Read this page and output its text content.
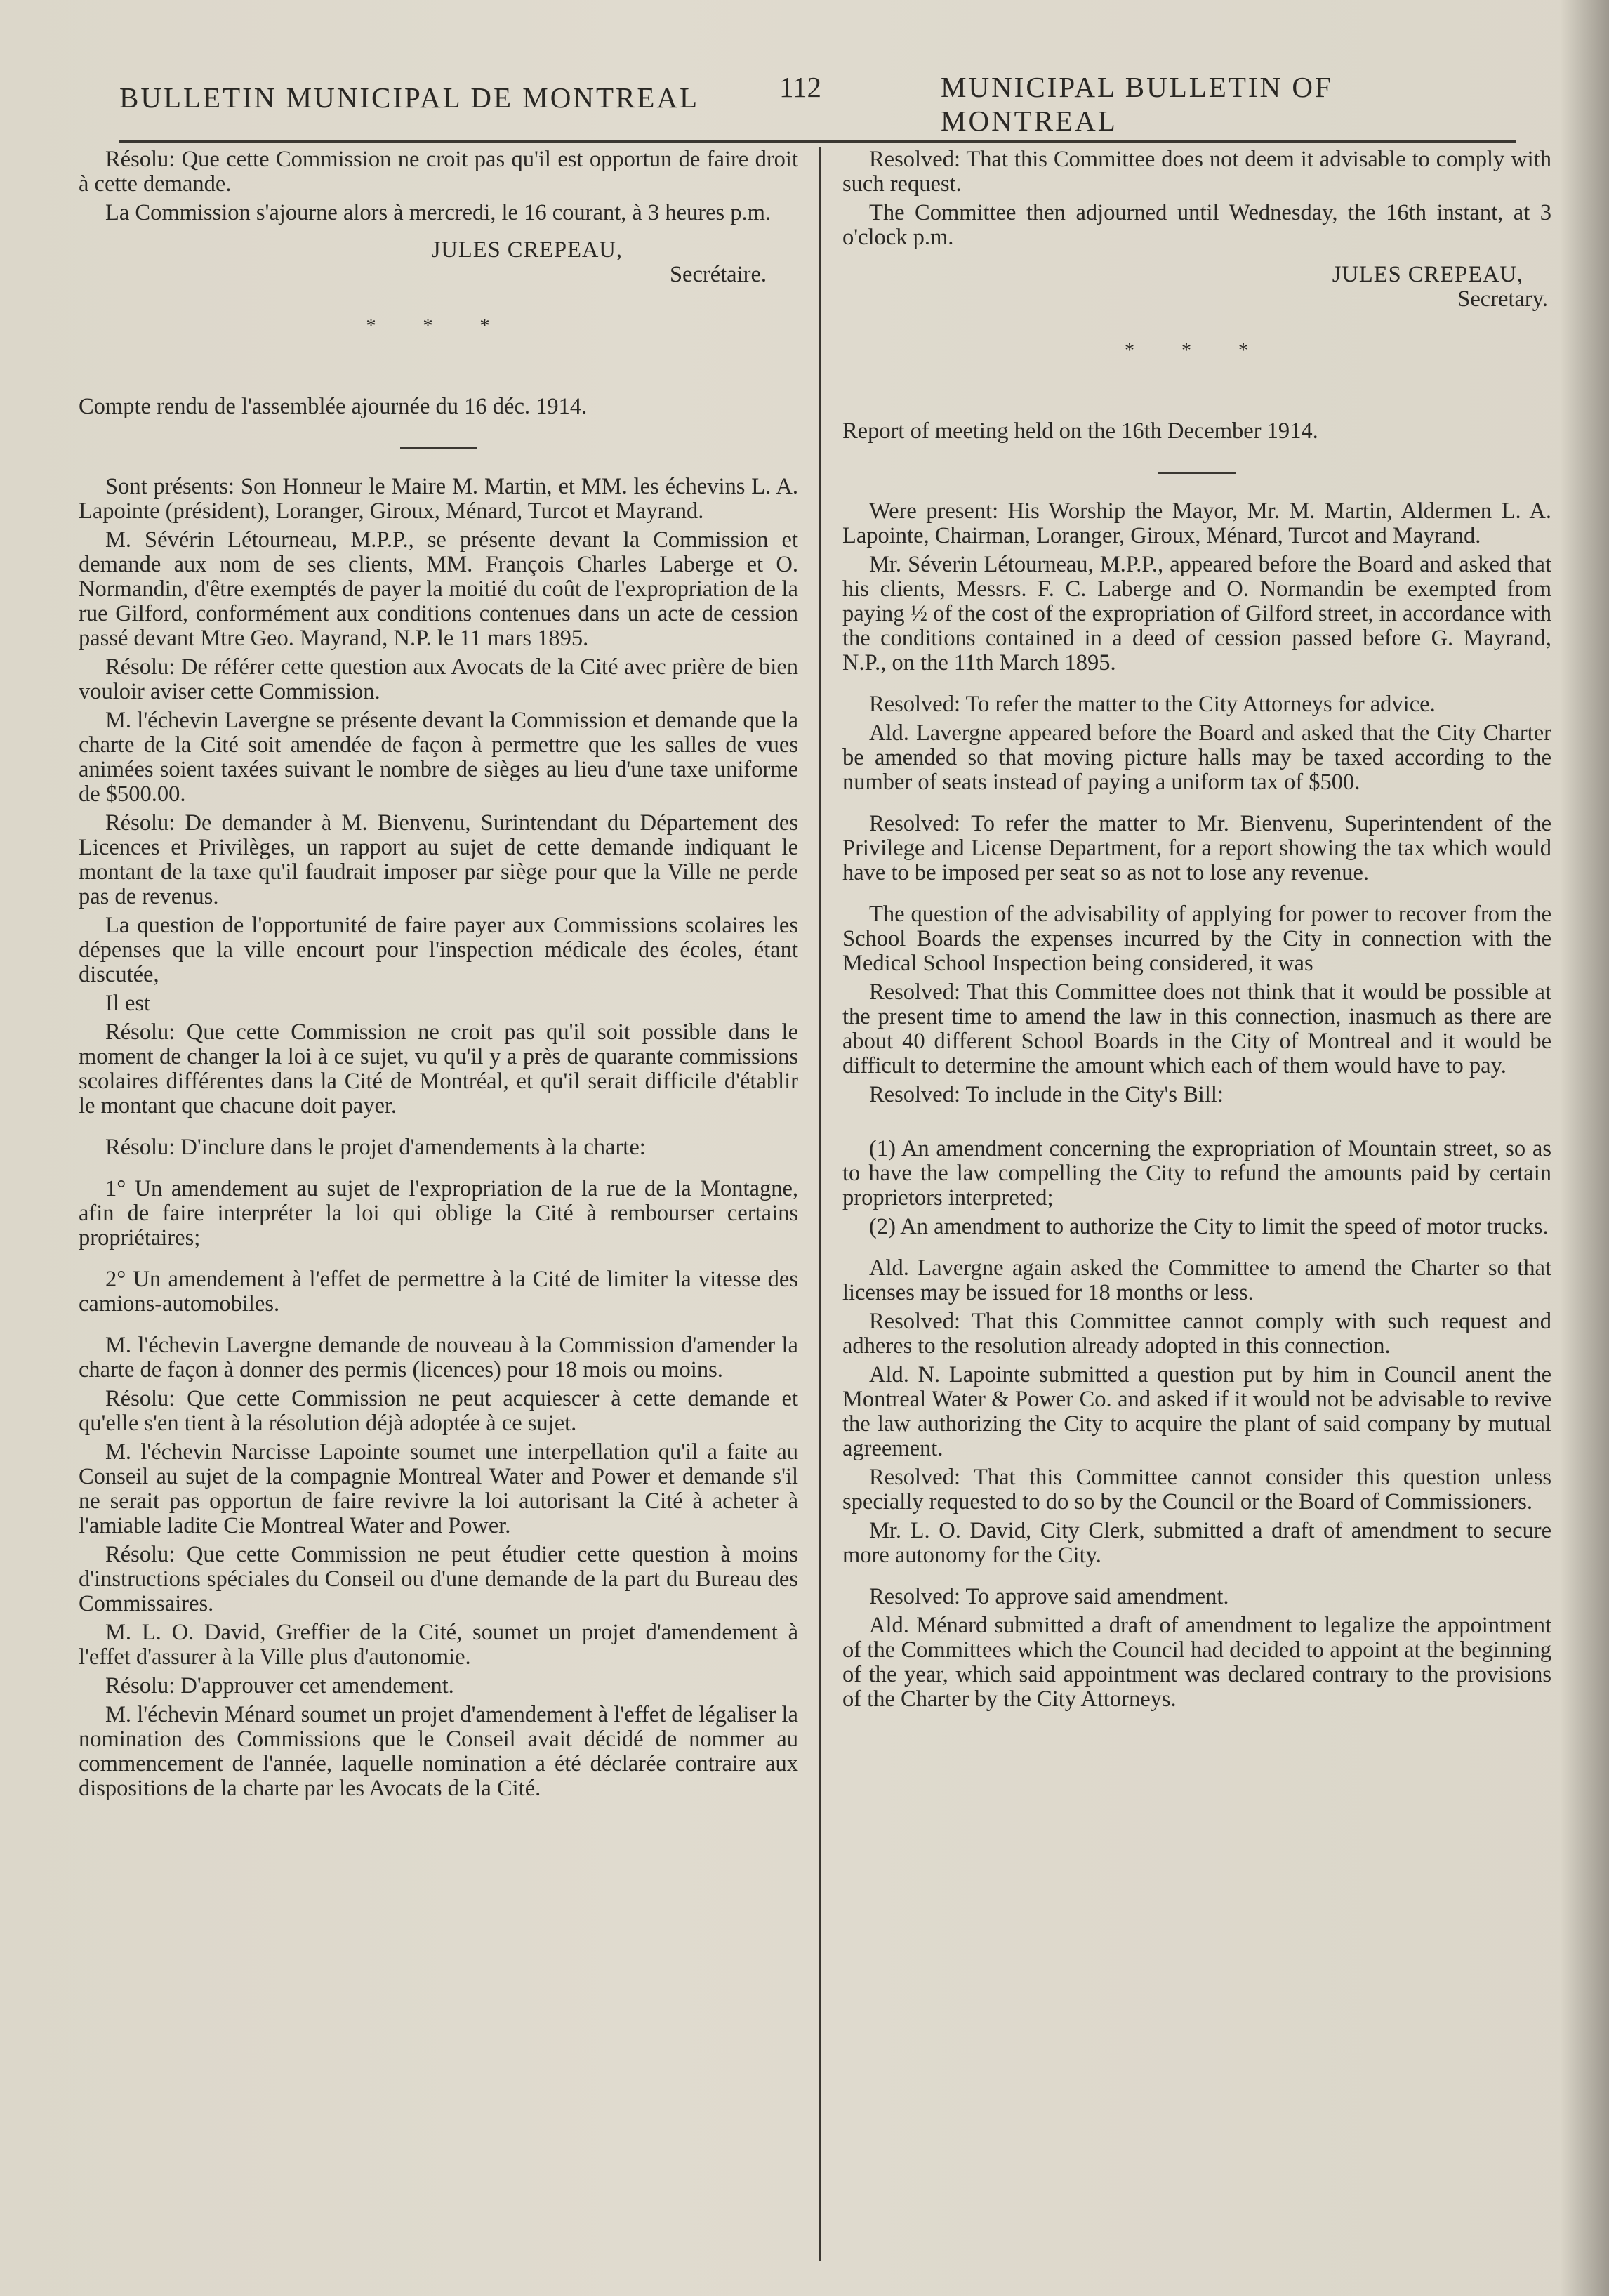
BULLETIN MUNICIPAL DE MONTREAL	112	MUNICIPAL BULLETIN OF MONTREAL

Résolu: Que cette Commission ne croit pas qu'il est opportun de faire droit à cette demande.

La Commission s'ajourne alors à mercredi, le 16 courant, à 3 heures p.m.

JULES CREPEAU,
Secrétaire.
* * *

Compte rendu de l'assemblée ajournée du 16 déc. 1914.

Sont présents: Son Honneur le Maire M. Martin, et MM. les échevins L. A. Lapointe (président), Loranger, Giroux, Ménard, Turcot et Mayrand.

M. Sévérin Létourneau, M.P.P., se présente devant la Commission et demande aux nom de ses clients, MM. François Charles Laberge et O. Normandin, d'être exemptés de payer la moitié du coût de l'expropriation de la rue Gilford, conformément aux conditions contenues dans un acte de cession passé devant Mtre Geo. Mayrand, N.P. le 11 mars 1895.

Résolu: De référer cette question aux Avocats de la Cité avec prière de bien vouloir aviser cette Commission.

M. l'échevin Lavergne se présente devant la Commission et demande que la charte de la Cité soit amendée de façon à permettre que les salles de vues animées soient taxées suivant le nombre de sièges au lieu d'une taxe uniforme de $500.00.

Résolu: De demander à M. Bienvenu, Surintendant du Département des Licences et Privilèges, un rapport au sujet de cette demande indiquant le montant de la taxe qu'il faudrait imposer par siège pour que la Ville ne perde pas de revenus.

La question de l'opportunité de faire payer aux Commissions scolaires les dépenses que la ville encourt pour l'inspection médicale des écoles, étant discutée,

Il est

Résolu: Que cette Commission ne croit pas qu'il soit possible dans le moment de changer la loi à ce sujet, vu qu'il y a près de quarante commissions scolaires différentes dans la Cité de Montréal, et qu'il serait difficile d'établir le montant que chacune doit payer.

Résolu: D'inclure dans le projet d'amendements à la charte:

1° Un amendement au sujet de l'expropriation de la rue de la Montagne, afin de faire interpréter la loi qui oblige la Cité à rembourser certains propriétaires;

2° Un amendement à l'effet de permettre à la Cité de limiter la vitesse des camions-automobiles.

M. l'échevin Lavergne demande de nouveau à la Commission d'amender la charte de façon à donner des permis (licences) pour 18 mois ou moins.

Résolu: Que cette Commission ne peut acquiescer à cette demande et qu'elle s'en tient à la résolution déjà adoptée à ce sujet.

M. l'échevin Narcisse Lapointe soumet une interpellation qu'il a faite au Conseil au sujet de la compagnie Montreal Water and Power et demande s'il ne serait pas opportun de faire revivre la loi autorisant la Cité à acheter à l'amiable ladite Cie Montreal Water and Power.

Résolu: Que cette Commission ne peut étudier cette question à moins d'instructions spéciales du Conseil ou d'une demande de la part du Bureau des Commissaires.

M. L. O. David, Greffier de la Cité, soumet un projet d'amendement à l'effet d'assurer à la Ville plus d'autonomie.

Résolu: D'approuver cet amendement.

M. l'échevin Ménard soumet un projet d'amendement à l'effet de légaliser la nomination des Commissions que le Conseil avait décidé de nommer au commencement de l'année, laquelle nomination a été déclarée contraire aux dispositions de la charte par les Avocats de la Cité.

Resolved: That this Committee does not deem it advisable to comply with such request.

The Committee then adjourned until Wednesday, the 16th instant, at 3 o'clock p.m.

JULES CREPEAU,
Secretary.
* * *

Report of meeting held on the 16th December 1914.

Were present: His Worship the Mayor, Mr. M. Martin, Aldermen L. A. Lapointe, Chairman, Loranger, Giroux, Ménard, Turcot and Mayrand.

Mr. Séverin Létourneau, M.P.P., appeared before the Board and asked that his clients, Messrs. F. C. Laberge and O. Normandin be exempted from paying ½ of the cost of the expropriation of Gilford street, in accordance with the conditions contained in a deed of cession passed before G. Mayrand, N.P., on the 11th March 1895.

Resolved: To refer the matter to the City Attorneys for advice.

Ald. Lavergne appeared before the Board and asked that the City Charter be amended so that moving picture halls may be taxed according to the number of seats instead of paying a uniform tax of $500.

Resolved: To refer the matter to Mr. Bienvenu, Superintendent of the Privilege and License Department, for a report showing the tax which would have to be imposed per seat so as not to lose any revenue.

The question of the advisability of applying for power to recover from the School Boards the expenses incurred by the City in connection with the Medical School Inspection being considered, it was

Resolved: That this Committee does not think that it would be possible at the present time to amend the law in this connection, inasmuch as there are about 40 different School Boards in the City of Montreal and it would be difficult to determine the amount which each of them would have to pay.

Resolved: To include in the City's Bill:

(1) An amendment concerning the expropriation of Mountain street, so as to have the law compelling the City to refund the amounts paid by certain proprietors interpreted;

(2) An amendment to authorize the City to limit the speed of motor trucks.

Ald. Lavergne again asked the Committee to amend the Charter so that licenses may be issued for 18 months or less.

Resolved: That this Committee cannot comply with such request and adheres to the resolution already adopted in this connection.

Ald. N. Lapointe submitted a question put by him in Council anent the Montreal Water & Power Co. and asked if it would not be advisable to revive the law authorizing the City to acquire the plant of said company by mutual agreement.

Resolved: That this Committee cannot consider this question unless specially requested to do so by the Council or the Board of Commissioners.

Mr. L. O. David, City Clerk, submitted a draft of amendment to secure more autonomy for the City.

Resolved: To approve said amendment.

Ald. Ménard submitted a draft of amendment to legalize the appointment of the Committees which the Council had decided to appoint at the beginning of the year, which said appointment was declared contrary to the provisions of the Charter by the City Attorneys.
